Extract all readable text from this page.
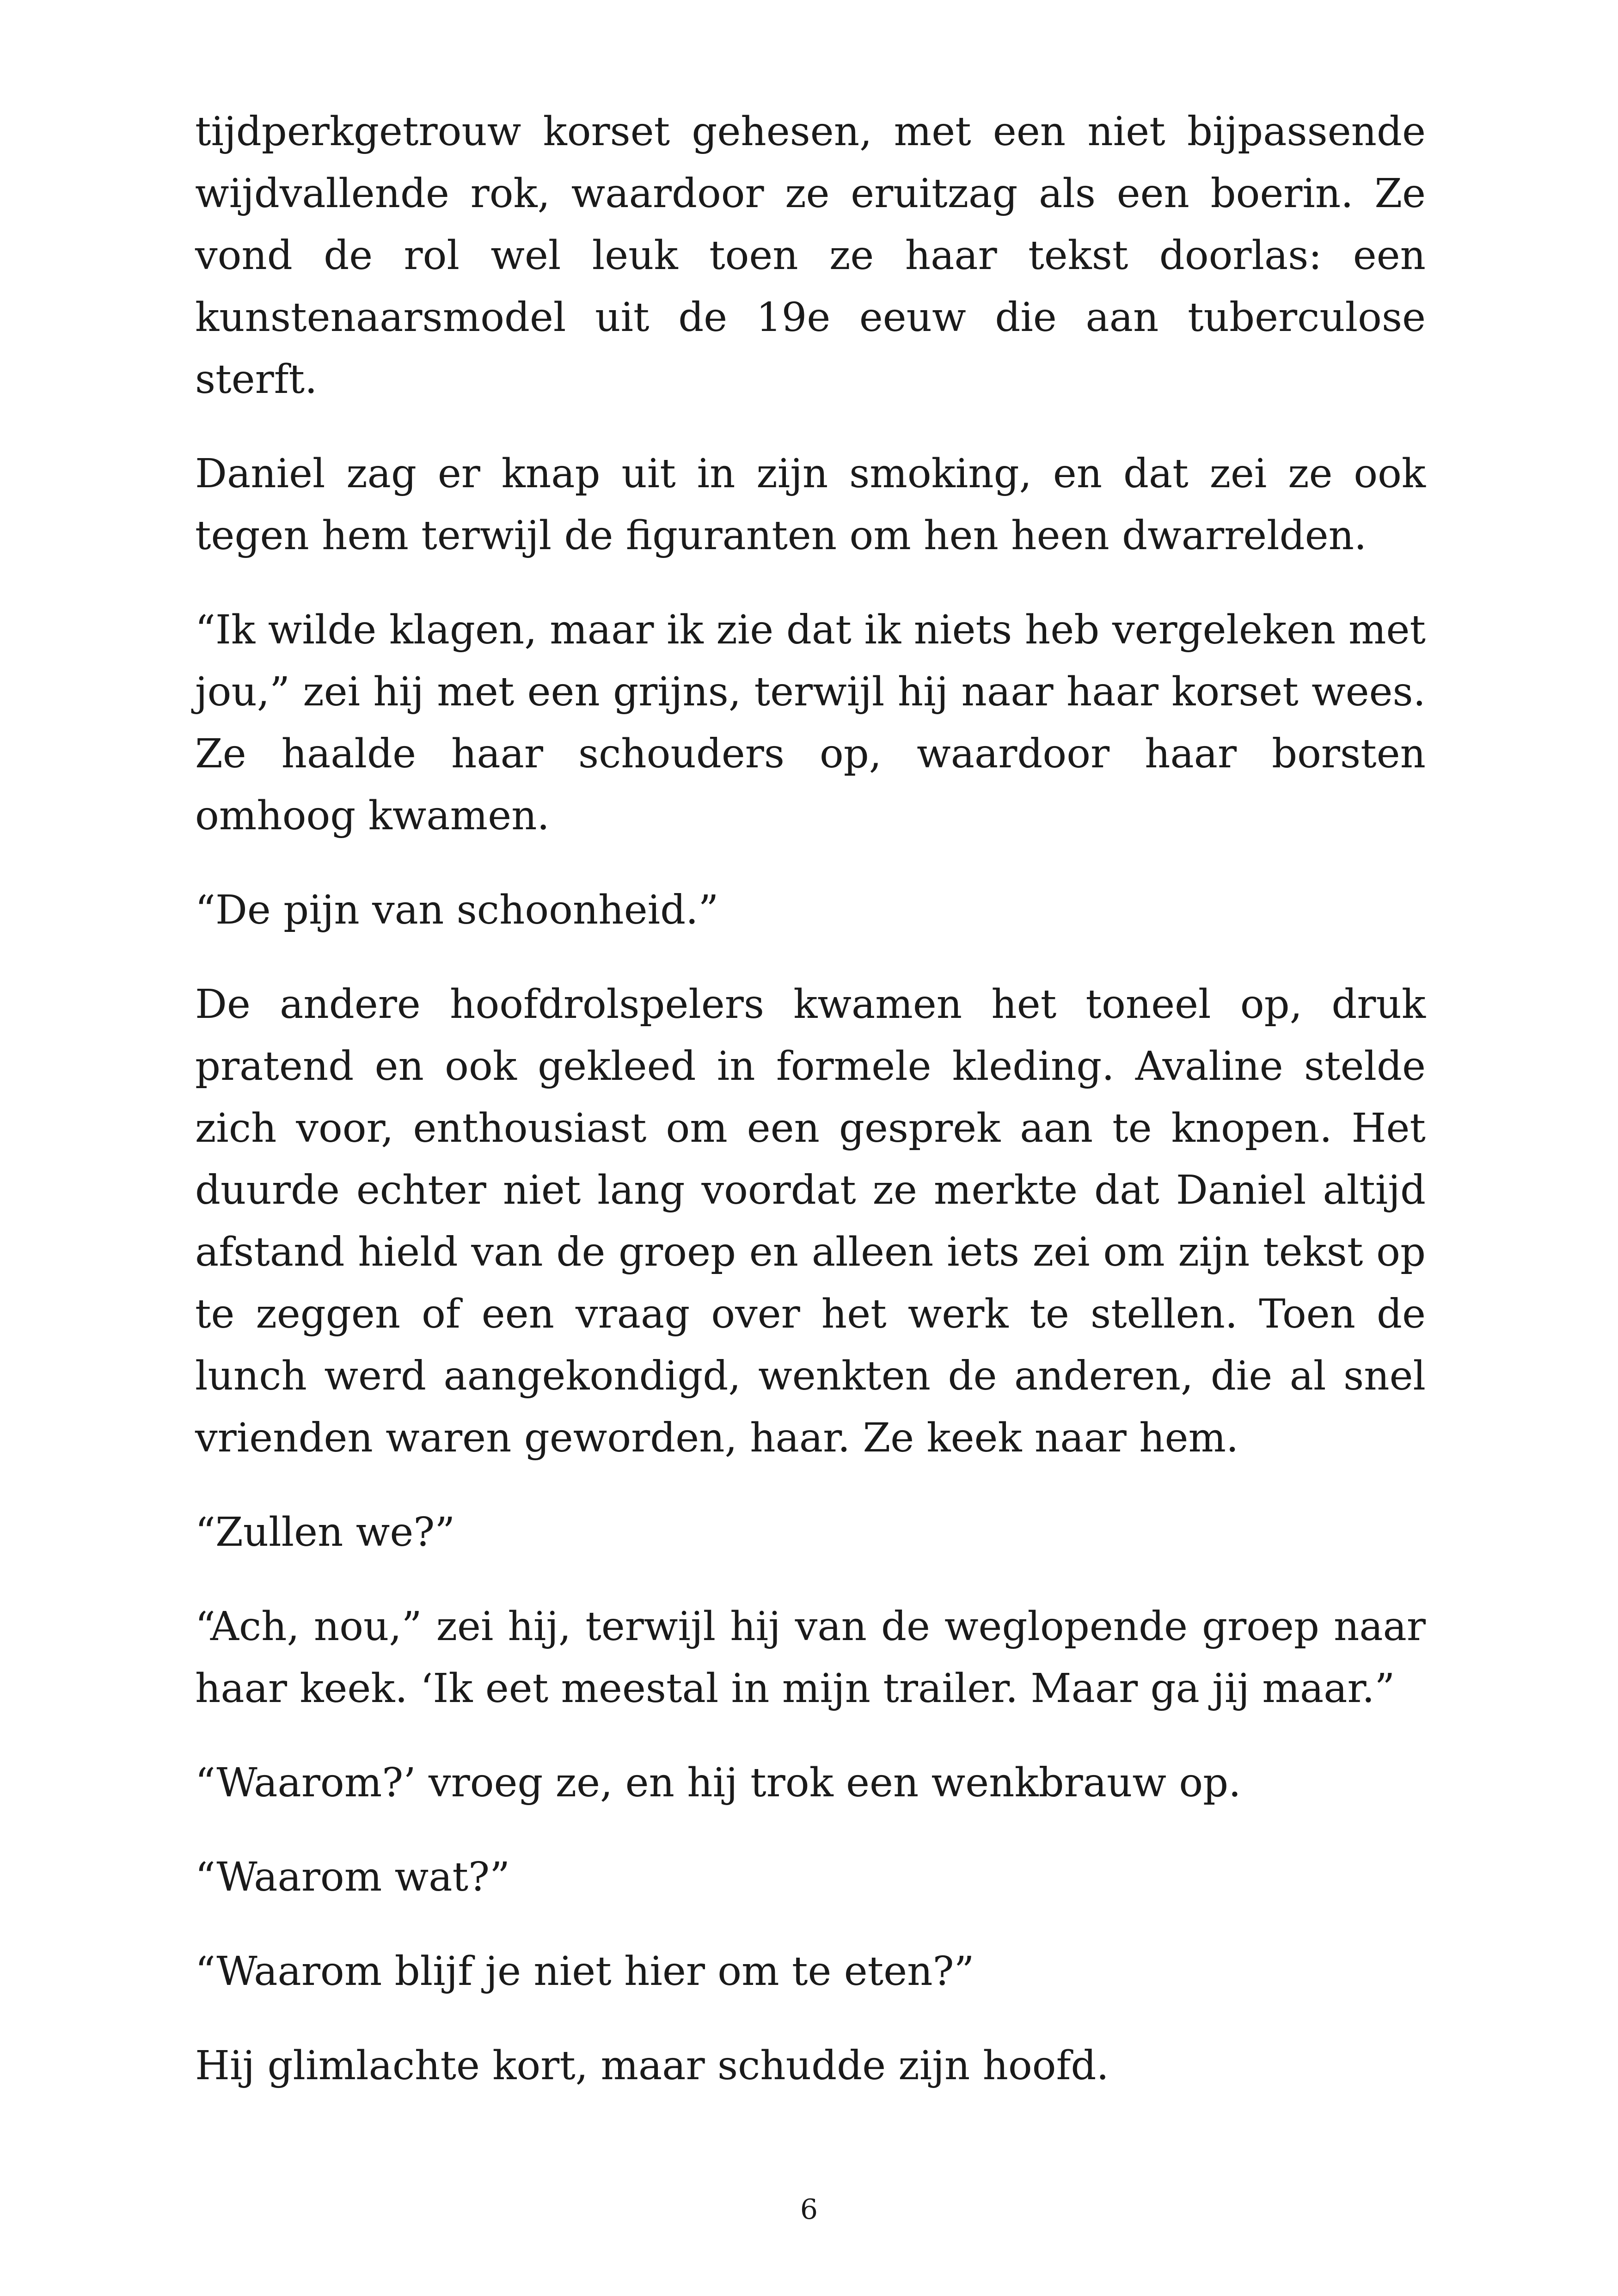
tijdperkgetrouw korset gehesen, met een niet bijpassende wijdvallende rok, waardoor ze eruitzag als een boerin. Ze vond de rol wel leuk toen ze haar tekst doorlas: een kunstenaarsmodel uit de 19e eeuw die aan tuberculose sterft.

Daniel zag er knap uit in zijn smoking, en dat zei ze ook tegen hem terwijl de figuranten om hen heen dwarrelden.

“Ik wilde klagen, maar ik zie dat ik niets heb vergeleken met jou,” zei hij met een grijns, terwijl hij naar haar korset wees. Ze haalde haar schouders op, waardoor haar borsten omhoog kwamen.

“De pijn van schoonheid.”

De andere hoofdrolspelers kwamen het toneel op, druk pratend en ook gekleed in formele kleding. Avaline stelde zich voor, enthousiast om een gesprek aan te knopen. Het duurde echter niet lang voordat ze merkte dat Daniel altijd afstand hield van de groep en alleen iets zei om zijn tekst op te zeggen of een vraag over het werk te stellen. Toen de lunch werd aangekondigd, wenkten de anderen, die al snel vrienden waren geworden, haar. Ze keek naar hem.

“Zullen we?”

“Ach, nou,” zei hij, terwijl hij van de weglopende groep naar haar keek. ‘Ik eet meestal in mijn trailer. Maar ga jij maar.”

“Waarom?’ vroeg ze, en hij trok een wenkbrauw op.

“Waarom wat?”

“Waarom blijf je niet hier om te eten?”

Hij glimlachte kort, maar schudde zijn hoofd.

6
